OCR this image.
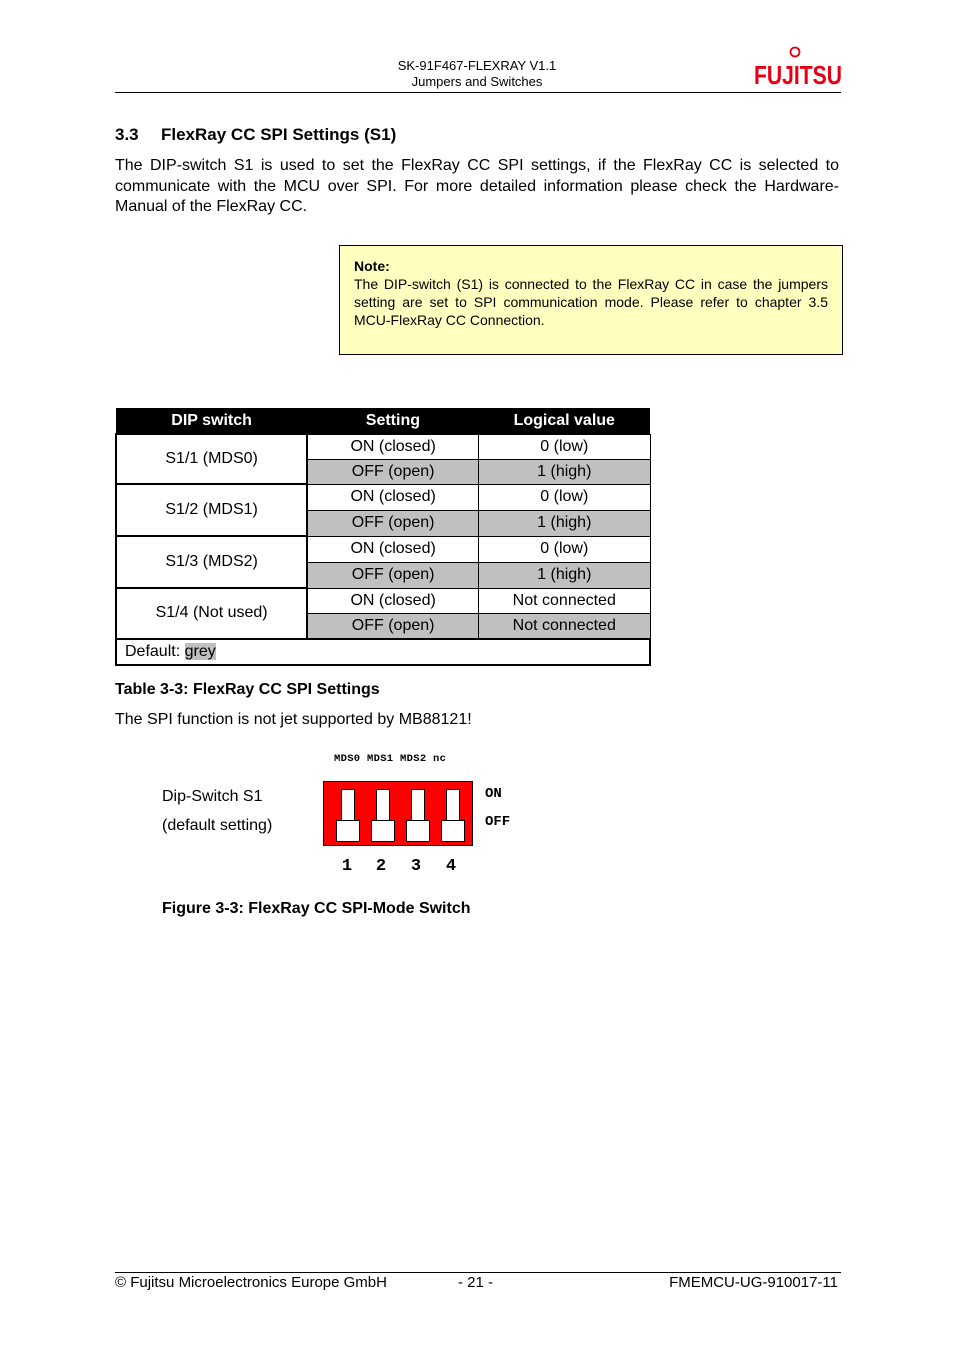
SK-91F467-FLEXRAY V1.1
Jumpers and Switches	FUJITSU
3.3 FlexRay CC SPI Settings (S1)
The DIP-switch S1 is used to set the FlexRay CC SPI settings, if the FlexRay CC is selected to communicate with the MCU over SPI. For more detailed information please check the Hardware-Manual of the FlexRay CC.
Note:
The DIP-switch (S1) is connected to the FlexRay CC in case the jumpers setting are set to SPI communication mode. Please refer to chapter 3.5 MCU-FlexRay CC Connection.
DIP switch	Setting	Logical value
S1/1 (MDS0)	ON (closed)	0 (low)
	OFF (open)	1 (high)
S1/2 (MDS1)	ON (closed)	0 (low)
	OFF (open)	1 (high)
S1/3 (MDS2)	ON (closed)	0 (low)
	OFF (open)	1 (high)
S1/4 (Not used)	ON (closed)	Not connected
	OFF (open)	Not connected
Default: grey		
Table 3-3: FlexRay CC SPI Settings
The SPI function is not jet supported by MB88121!
MDS0 MDS1 MDS2 nc
Dip-Switch S1
(default setting)
ON
OFF
1 2 3 4
Figure 3-3: FlexRay CC SPI-Mode Switch
© Fujitsu Microelectronics Europe GmbH	- 21 -	FMEMCU-UG-910017-11
